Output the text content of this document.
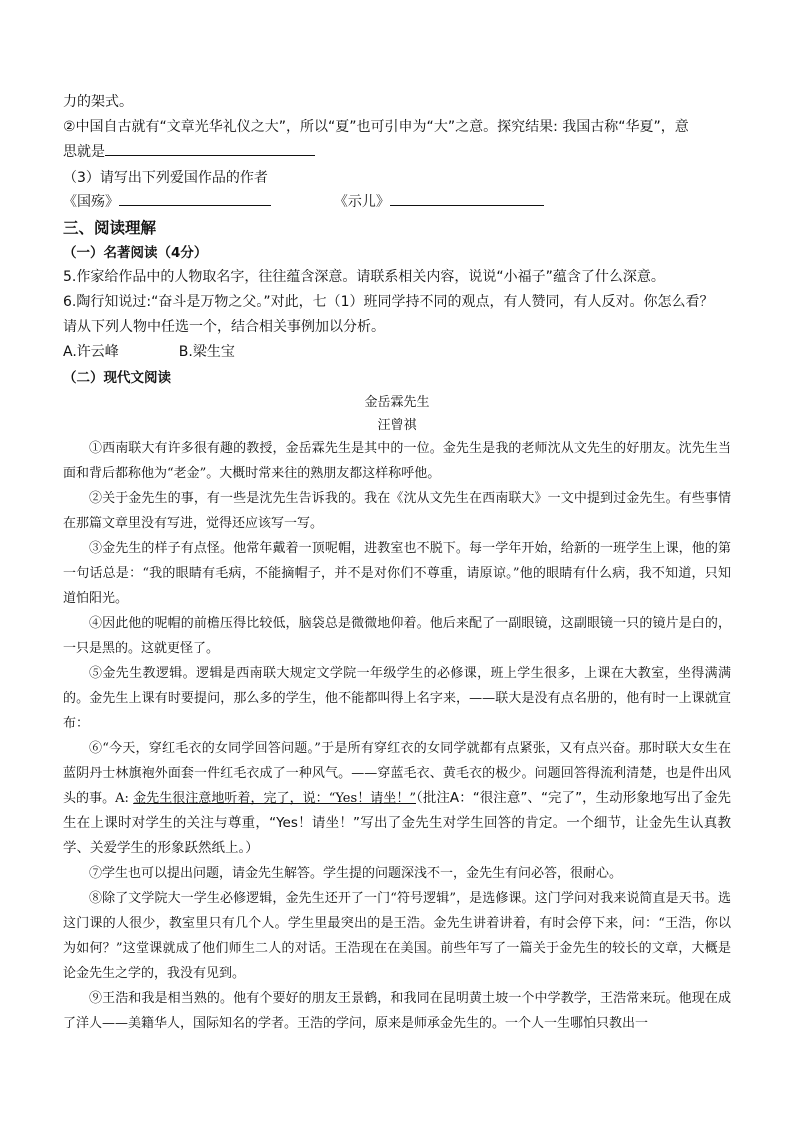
力的架式。
②中国自古就有“文章光华礼仪之大”，所以“夏”也可引申为“大”之意。探究结果: 我国古称“华夏”，意
思就是
（3）请写出下列爱国作品的作者
《国殇》	《示儿》
三、阅读理解
（一）名著阅读（4分）
5.作家给作品中的人物取名字，往往蕴含深意。请联系相关内容，说说“小福子”蕴含了什么深意。
6.陶行知说过:“奋斗是万物之父。”对此，七（1）班同学持不同的观点，有人赞同，有人反对。你怎么看？
请从下列人物中任选一个，结合相关事例加以分析。
A.许云峰	B.梁生宝
（二）现代文阅读
金岳霖先生
汪曾祺

①西南联大有许多很有趣的教授，金岳霖先生是其中的一位。金先生是我的老师沈从文先生的好朋友。沈先生当面和背后都称他为“老金”。大概时常来往的熟朋友都这样称呼他。

②关于金先生的事，有一些是沈先生告诉我的。我在《沈从文先生在西南联大》一文中提到过金先生。有些事情在那篇文章里没有写进，觉得还应该写一写。

③金先生的样子有点怪。他常年戴着一顶呢帽，进教室也不脱下。每一学年开始，给新的一班学生上课，他的第一句话总是：“我的眼睛有毛病，不能摘帽子，并不是对你们不尊重，请原谅。”他的眼睛有什么病，我不知道，只知道怕阳光。

④因此他的呢帽的前檐压得比较低，脑袋总是微微地仰着。他后来配了一副眼镜，这副眼镜一只的镜片是白的，一只是黑的。这就更怪了。

⑤金先生教逻辑。逻辑是西南联大规定文学院一年级学生的必修课，班上学生很多，上课在大教室，坐得满满的。金先生上课有时要提问，那么多的学生，他不能都叫得上名字来，——联大是没有点名册的，他有时一上课就宣布：

⑥“今天，穿红毛衣的女同学回答问题。”于是所有穿红衣的女同学就都有点紧张，又有点兴奋。那时联大女生在蓝阴丹士林旗袍外面套一件红毛衣成了一种风气。——穿蓝毛衣、黄毛衣的极少。问题回答得流利清楚，也是件出风头的事。A: 金先生很注意地听着，完了，说：“Yes！请坐！”（批注A：“很注意”、“完了”，生动形象地写出了金先生在上课时对学生的关注与尊重，“Yes！请坐！”写出了金先生对学生回答的肯定。一个细节，让金先生认真教学、关爱学生的形象跃然纸上。）

⑦学生也可以提出问题，请金先生解答。学生提的问题深浅不一，金先生有问必答，很耐心。

⑧除了文学院大一学生必修逻辑，金先生还开了一门“符号逻辑”，是选修课。这门学问对我来说简直是天书。选这门课的人很少，教室里只有几个人。学生里最突出的是王浩。金先生讲着讲着，有时会停下来，问：“王浩，你以为如何？”这堂课就成了他们师生二人的对话。王浩现在在美国。前些年写了一篇关于金先生的较长的文章，大概是论金先生之学的，我没有见到。

⑨王浩和我是相当熟的。他有个要好的朋友王景鹤，和我同在昆明黄土坡一个中学教学，王浩常来玩。他现在成了洋人——美籍华人，国际知名的学者。王浩的学问，原来是师承金先生的。一个人一生哪怕只教出一
